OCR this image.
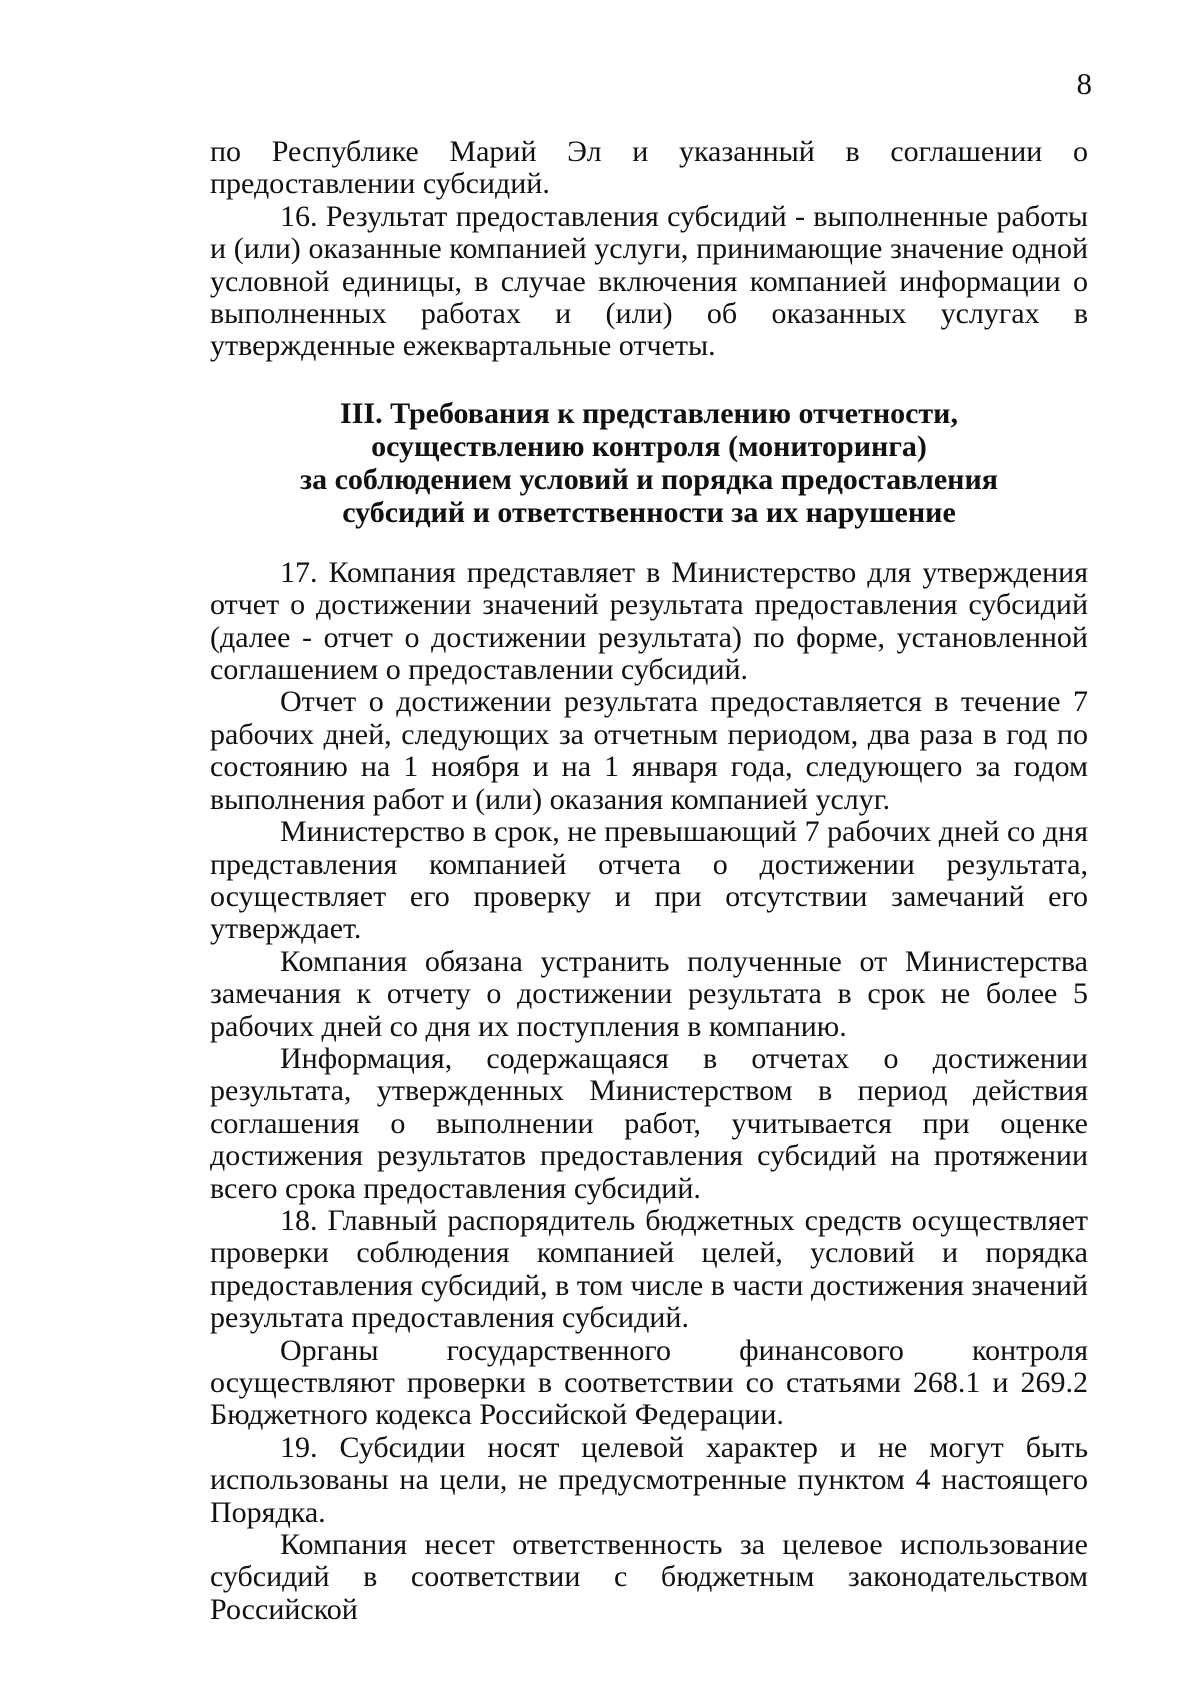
8

по Республике Марий Эл и указанный в соглашении о предоставлении субсидий.

16. Результат предоставления субсидий - выполненные работы и (или) оказанные компанией услуги, принимающие значение одной условной единицы, в случае включения компанией информации о выполненных работах и (или) об оказанных услугах в утвержденные ежеквартальные отчеты.

III. Требования к представлению отчетности,
осуществлению контроля (мониторинга)
за соблюдением условий и порядка предоставления
субсидий и ответственности за их нарушение

17. Компания представляет в Министерство для утверждения отчет о достижении значений результата предоставления субсидий (далее - отчет о достижении результата) по форме, установленной соглашением о предоставлении субсидий.

Отчет о достижении результата предоставляется в течение 7 рабочих дней, следующих за отчетным периодом, два раза в год по состоянию на 1 ноября и на 1 января года, следующего за годом выполнения работ и (или) оказания компанией услуг.

Министерство в срок, не превышающий 7 рабочих дней со дня представления компанией отчета о достижении результата, осуществляет его проверку и при отсутствии замечаний его утверждает.

Компания обязана устранить полученные от Министерства замечания к отчету о достижении результата в срок не более 5 рабочих дней со дня их поступления в компанию.

Информация, содержащаяся в отчетах о достижении результата, утвержденных Министерством в период действия соглашения о выполнении работ, учитывается при оценке достижения результатов предоставления субсидий на протяжении всего срока предоставления субсидий.

18. Главный распорядитель бюджетных средств осуществляет проверки соблюдения компанией целей, условий и порядка предоставления субсидий, в том числе в части достижения значений результата предоставления субсидий.

Органы государственного финансового контроля осуществляют проверки в соответствии со статьями 268.1 и 269.2 Бюджетного кодекса Российской Федерации.

19. Субсидии носят целевой характер и не могут быть использованы на цели, не предусмотренные пунктом 4 настоящего Порядка.

Компания несет ответственность за целевое использование субсидий в соответствии с бюджетным законодательством Российской
